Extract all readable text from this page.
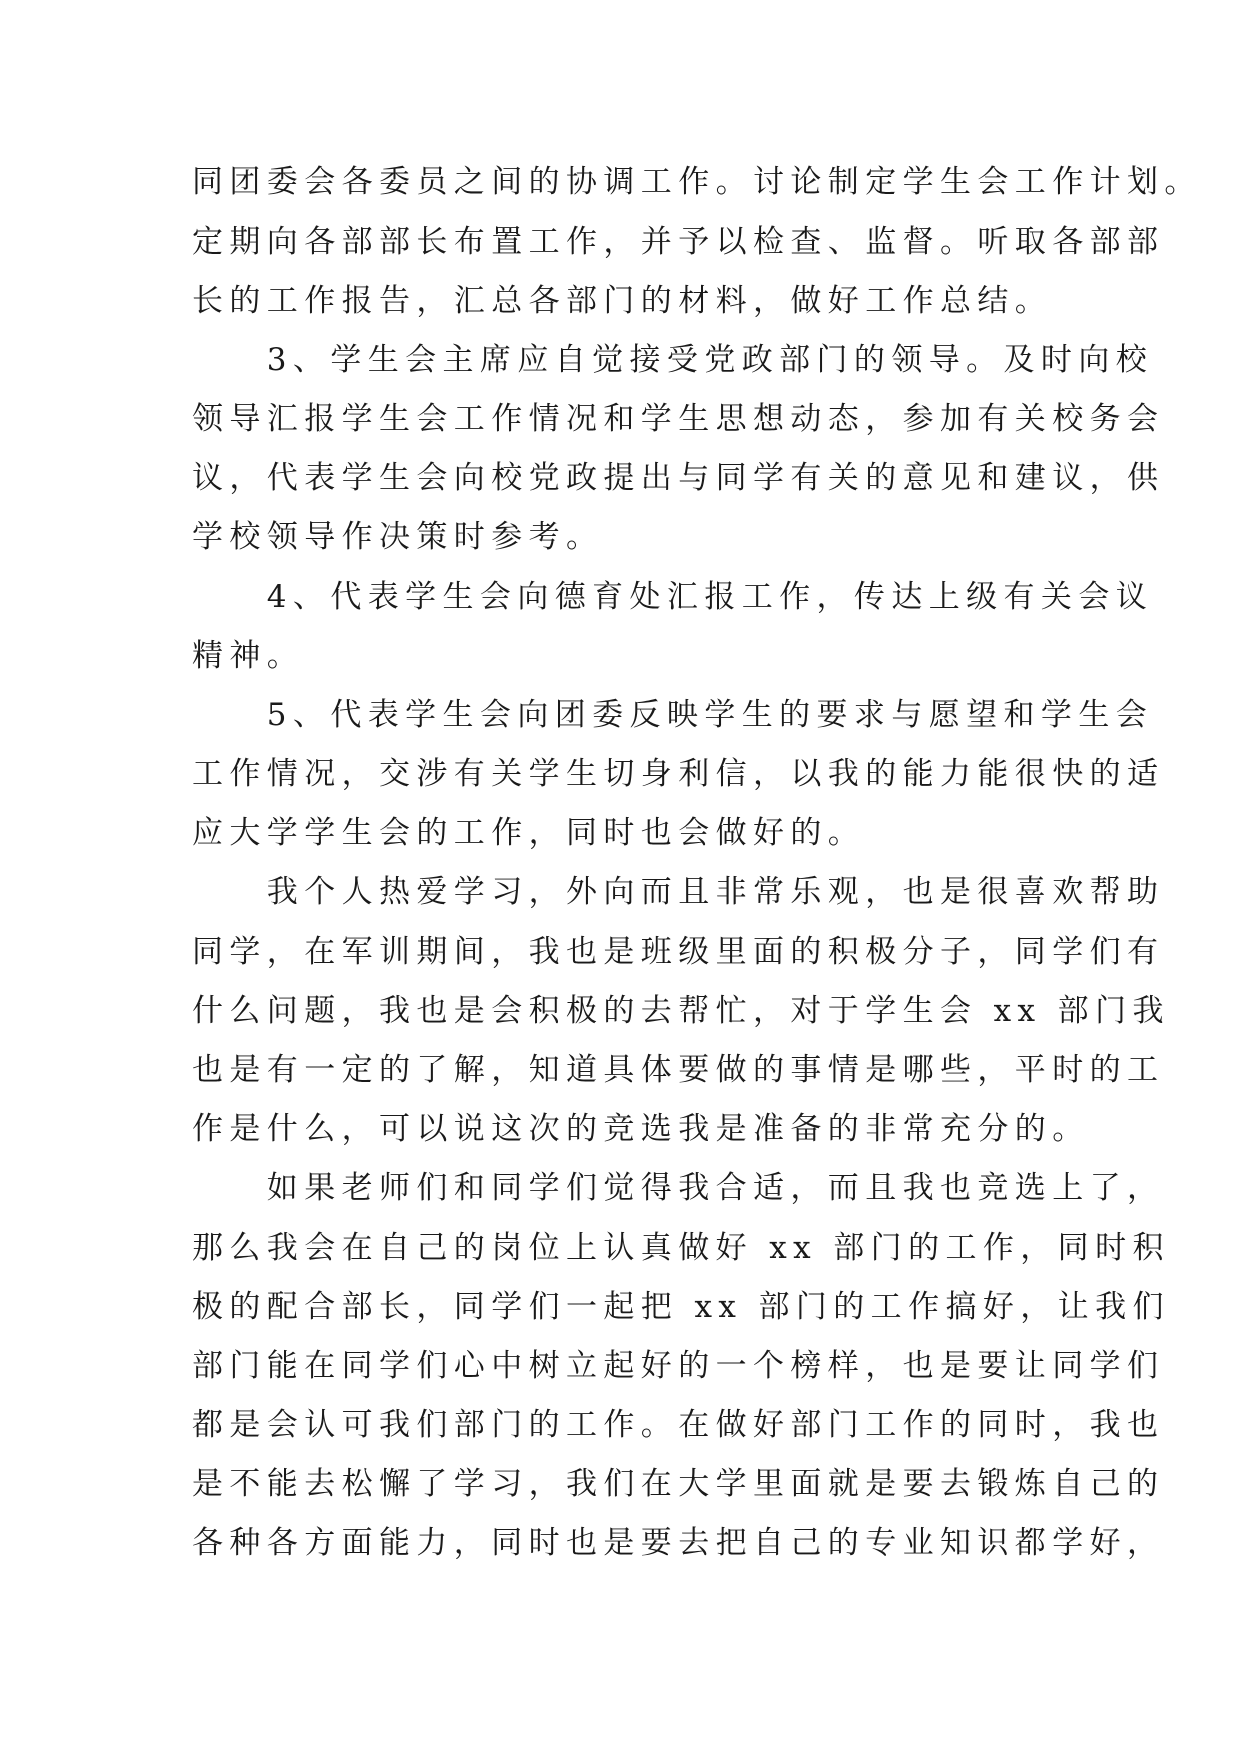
同团委会各委员之间的协调工作。讨论制定学生会工作计划。
定期向各部部长布置工作，并予以检查、监督。听取各部部
长的工作报告，汇总各部门的材料，做好工作总结。
　　3、学生会主席应自觉接受党政部门的领导。及时向校
领导汇报学生会工作情况和学生思想动态，参加有关校务会
议，代表学生会向校党政提出与同学有关的意见和建议，供
学校领导作决策时参考。
　　4、代表学生会向德育处汇报工作，传达上级有关会议
精神。
　　5、代表学生会向团委反映学生的要求与愿望和学生会
工作情况，交涉有关学生切身利信，以我的能力能很快的适
应大学学生会的工作，同时也会做好的。
　　我个人热爱学习，外向而且非常乐观，也是很喜欢帮助
同学，在军训期间，我也是班级里面的积极分子，同学们有
什么问题，我也是会积极的去帮忙，对于学生会 xx 部门我
也是有一定的了解，知道具体要做的事情是哪些，平时的工
作是什么，可以说这次的竞选我是准备的非常充分的。
　　如果老师们和同学们觉得我合适，而且我也竞选上了，
那么我会在自己的岗位上认真做好 xx 部门的工作，同时积
极的配合部长，同学们一起把 xx 部门的工作搞好，让我们
部门能在同学们心中树立起好的一个榜样，也是要让同学们
都是会认可我们部门的工作。在做好部门工作的同时，我也
是不能去松懈了学习，我们在大学里面就是要去锻炼自己的
各种各方面能力，同时也是要去把自己的专业知识都学好，
